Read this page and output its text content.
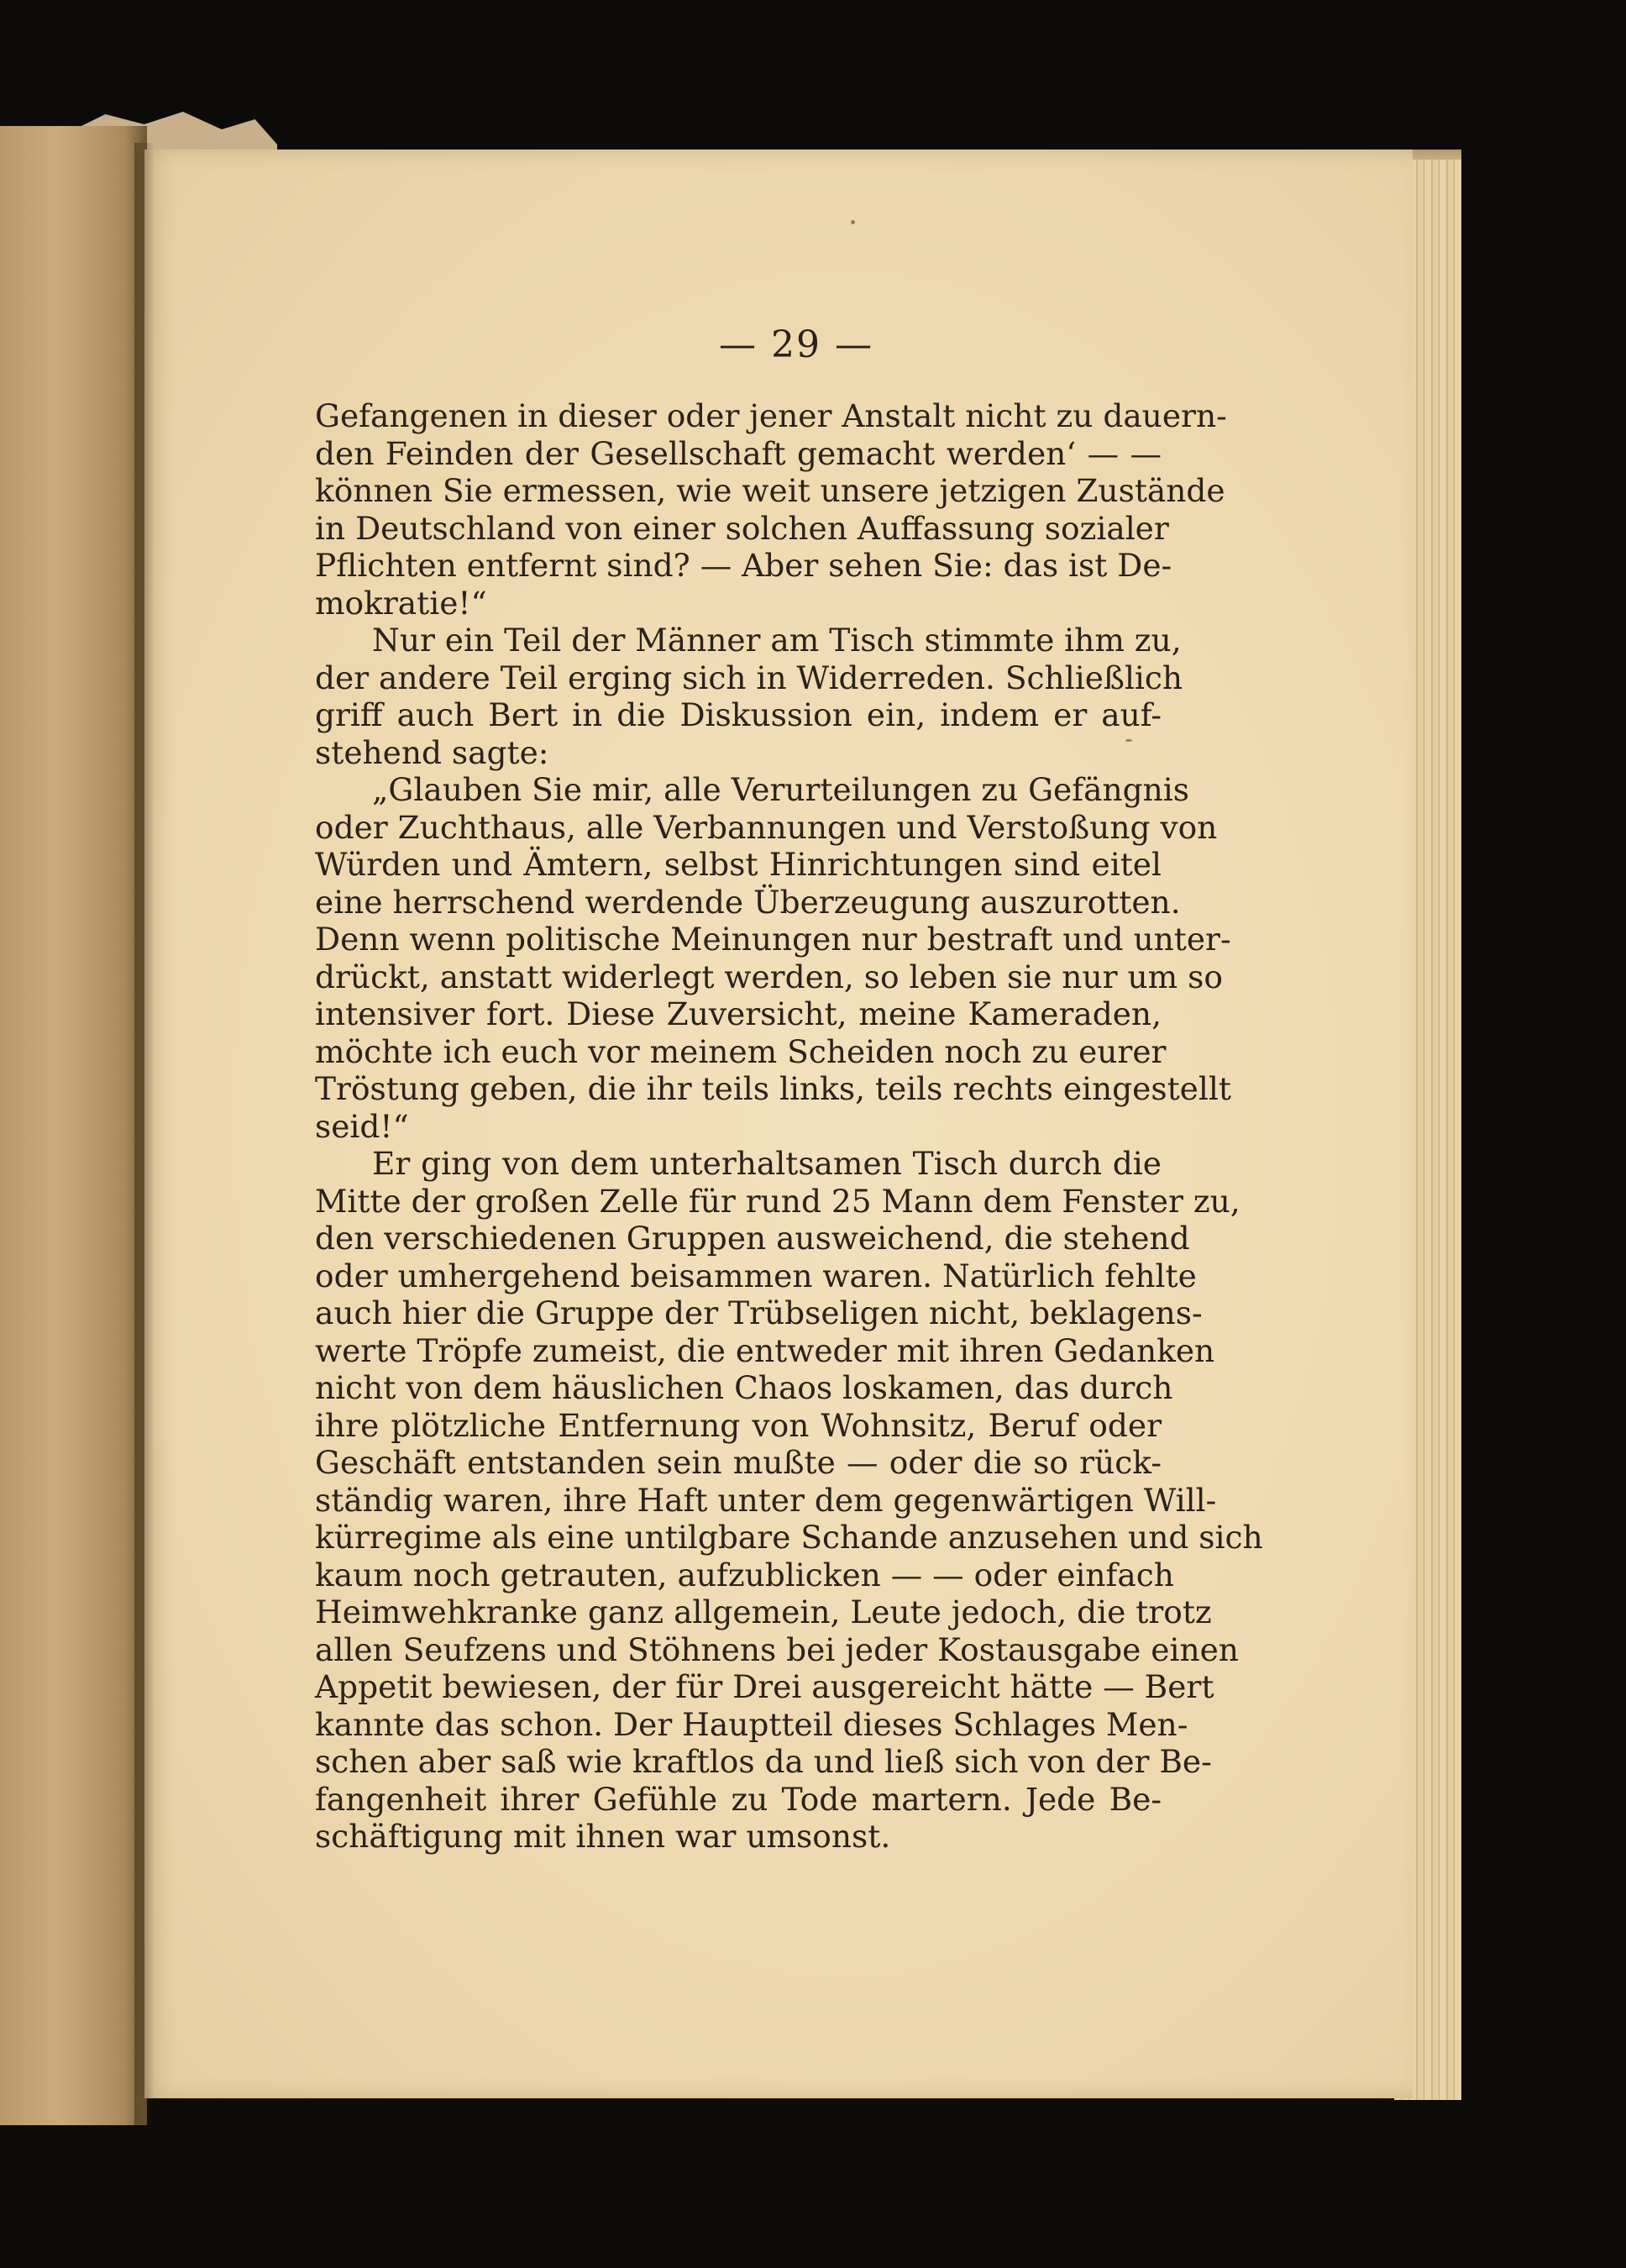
— 29 —
Gefangenen in dieser oder jener Anstalt nicht zu dauern-
den Feinden der Gesellschaft gemacht werden‘ — —
können Sie ermessen, wie weit unsere jetzigen Zustände
in Deutschland von einer solchen Auffassung sozialer
Pflichten entfernt sind? — Aber sehen Sie: das ist De-
mokratie!“
Nur ein Teil der Männer am Tisch stimmte ihm zu,
der andere Teil erging sich in Widerreden. Schließlich
griff auch Bert in die Diskussion ein, indem er auf-
stehend sagte:
„Glauben Sie mir, alle Verurteilungen zu Gefängnis
oder Zuchthaus, alle Verbannungen und Verstoßung von
Würden und Ämtern, selbst Hinrichtungen sind eitel
eine herrschend werdende Überzeugung auszurotten.
Denn wenn politische Meinungen nur bestraft und unter-
drückt, anstatt widerlegt werden, so leben sie nur um so
intensiver fort. Diese Zuversicht, meine Kameraden,
möchte ich euch vor meinem Scheiden noch zu eurer
Tröstung geben, die ihr teils links, teils rechts eingestellt
seid!“
Er ging von dem unterhaltsamen Tisch durch die
Mitte der großen Zelle für rund 25 Mann dem Fenster zu,
den verschiedenen Gruppen ausweichend, die stehend
oder umhergehend beisammen waren. Natürlich fehlte
auch hier die Gruppe der Trübseligen nicht, beklagens-
werte Tröpfe zumeist, die entweder mit ihren Gedanken
nicht von dem häuslichen Chaos loskamen, das durch
ihre plötzliche Entfernung von Wohnsitz, Beruf oder
Geschäft entstanden sein mußte — oder die so rück-
ständig waren, ihre Haft unter dem gegenwärtigen Will-
kürregime als eine untilgbare Schande anzusehen und sich
kaum noch getrauten, aufzublicken — — oder einfach
Heimwehkranke ganz allgemein, Leute jedoch, die trotz
allen Seufzens und Stöhnens bei jeder Kostausgabe einen
Appetit bewiesen, der für Drei ausgereicht hätte — Bert
kannte das schon. Der Hauptteil dieses Schlages Men-
schen aber saß wie kraftlos da und ließ sich von der Be-
fangenheit ihrer Gefühle zu Tode martern. Jede Be-
schäftigung mit ihnen war umsonst.
